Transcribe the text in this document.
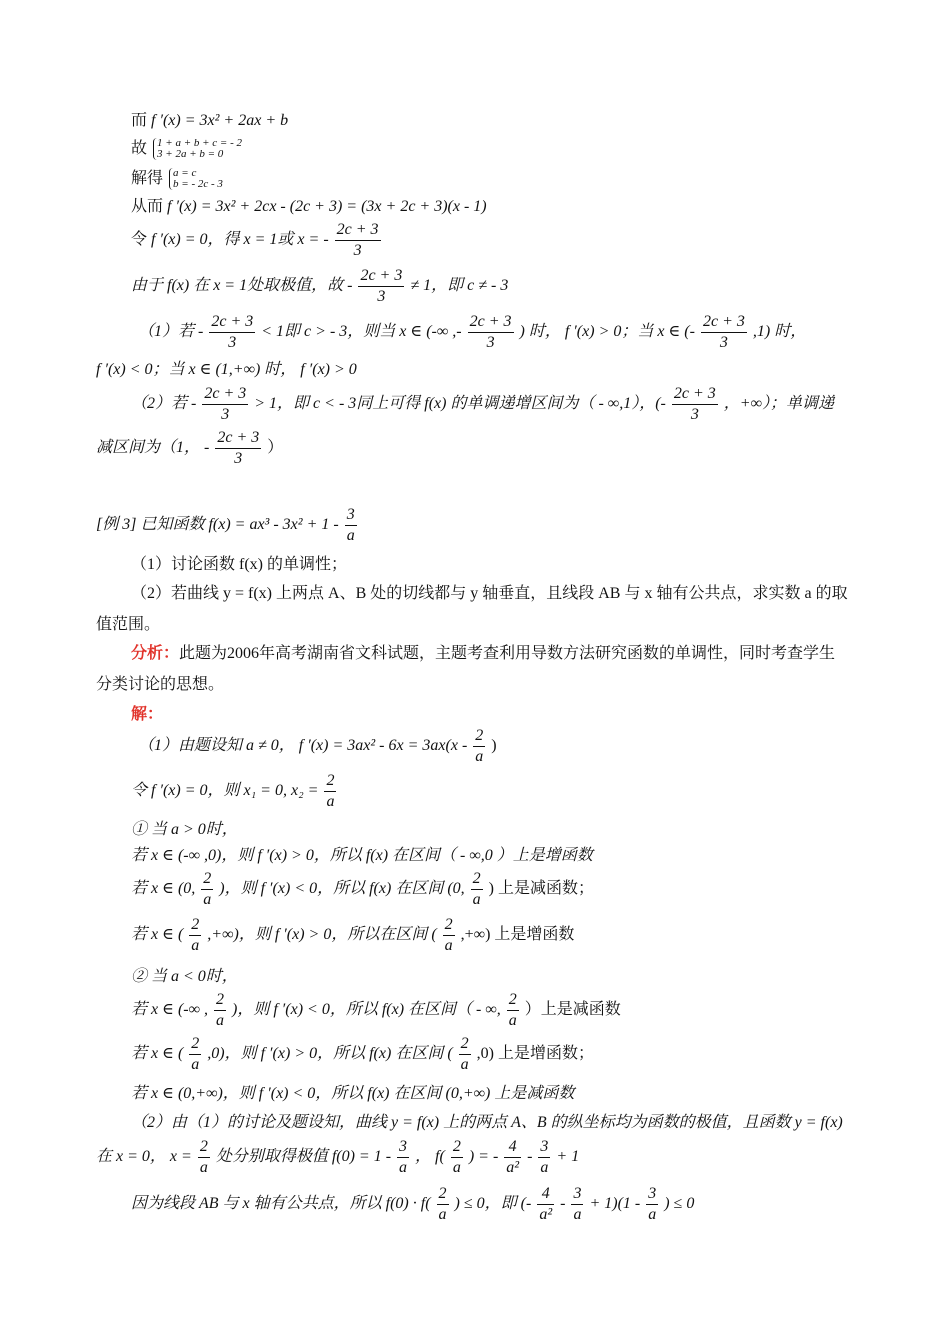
而 f ′(x) = 3x² + 2ax + b
故 1 + a + b + c = - 2
3 + 2a + b = 0
解得 a = c
b = - 2c - 3
从而 f ′(x) = 3x² + 2cx - (2c + 3) = (3x + 2c + 3)(x - 1)
令 f ′(x) = 0，得 x = 1或 x = - $\frac{2c + 3}{3}$
由于 f(x) 在 x = 1处取极值，故 - $\frac{2c + 3}{3} \ne 1$，即 c ≠ - 3
（1）若 - $\frac{2c + 3}{3} < 1$即 c > - 3，则当 x ∈ (-∞ ,- $\frac{2c + 3}{3}$ ) 时， f ′(x) > 0；当 x ∈ (- $\frac{2c + 3}{3} ,1$) 时，
f ′(x) < 0；当 x ∈ (1,+∞) 时， f ′(x) > 0
（2）若 - $\frac{2c + 3}{3} > 1$，即 c < - 3同上可得 f(x) 的单调递增区间为（ - ∞,1），(- $\frac{2c + 3}{3}$ ，+∞）；单调递
减区间为（1， - $\frac{2c + 3}{3}$ ）
[例 3] 已知函数 $f(x) = ax^3 - 3x^2 + 1 - \frac{3}{a}$
（1）讨论函数 f(x) 的单调性；
（2）若曲线 y = f(x) 上两点 A、B 处的切线都与 y 轴垂直，且线段 AB 与 x 轴有公共点，求实数 a 的取
值范围。
分析：此题为2006年高考湖南省文科试题，主题考查利用导数方法研究函数的单调性，同时考查学生
分类讨论的思想。
解：
（1）由题设知 a ≠ 0， f $'(x) = 3ax^2 - 6x = 3ax(x - \frac{2}{a}$ )
令 f ′(x) = 0，则 x₁ = 0, $x_2 = \frac{2}{a}$
① 当 a > 0时，
若 x ∈ (-∞ ,0)，则 f ′(x) > 0，所以 f(x) 在区间（ - ∞,0 ）上是增函数
若 x ∈ (0, $\frac{2}{a}$ )，则 f ′(x) < 0，所以 f(x) 在区间 (0, $\frac{2}{a}$ ) 上是减函数；
若 x ∈ ( $\frac{2}{a}$ ,+∞)，则 f ′(x) > 0，所以在区间 ( $\frac{2}{a}$ ,+∞) 上是增函数
② 当 a < 0时，
若 x ∈ (-∞ , $\frac{2}{a}$ )，则 f ′(x) < 0，所以 f(x) 在区间（ - ∞, $\frac{2}{a}$ ）上是减函数
若 x ∈ ( $\frac{2}{a} ,0$)，则 f ′(x) > 0，所以 f(x) 在区间 ( $\frac{2}{a} ,0$) 上是增函数；
若 x ∈ (0,+∞)，则 f ′(x) < 0，所以 f(x) 在区间 (0,+∞) 上是减函数
（2）由（1）的讨论及题设知，曲线 y = f(x) 上的两点 A、B 的纵坐标均为函数的极值，且函数 y = f(x)
在 x = 0， $x = \frac{2}{a}$ 处分别取得极值 $f(0) = 1 - \frac{3}{a}$ ， $f( \frac{2}{a}$ ) = - $\frac{4}{\text{a²}} - \frac{3}{a} + 1$
因为线段 AB 与 x 轴有公共点，所以 $f(0) \cdot f( \frac{2}{a}$ ) ≤ 0，即 (- $\frac{4}{\text{a²}} - \frac{3}{a} + 1)(1 - \frac{3}{a}$ ) ≤ 0
